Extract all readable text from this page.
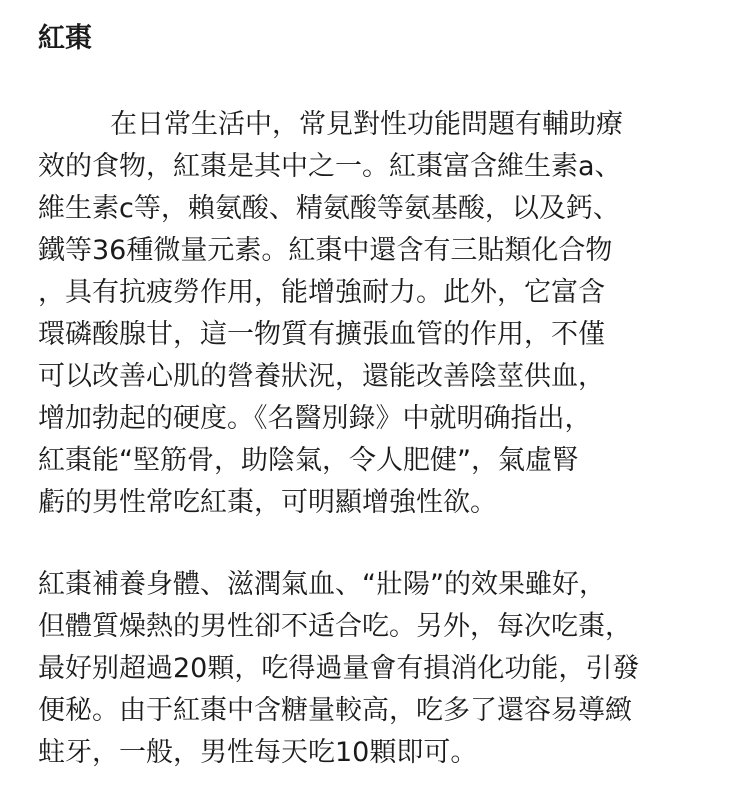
紅棗

在日常生活中，常見對性功能問題有輔助療
效的食物，紅棗是其中之一。紅棗富含維生素a、
維生素c等，賴氨酸、精氨酸等氨基酸，以及鈣、
鐵等36種微量元素。紅棗中還含有三貼類化合物
，具有抗疲勞作用，能增強耐力。此外，它富含
環磷酸腺甘，這一物質有擴張血管的作用，不僅
可以改善心肌的營養狀況，還能改善陰莖供血，
增加勃起的硬度。《名醫別錄》中就明确指出，
紅棗能“堅筋骨，助陰氣，令人肥健”，氣虛腎
虧的男性常吃紅棗，可明顯增強性欲。

紅棗補養身體、滋潤氣血、“壯陽”的效果雖好，
但體質燥熱的男性卻不适合吃。另外，每次吃棗，
最好别超過20顆，吃得過量會有損消化功能，引發
便秘。由于紅棗中含糖量較高，吃多了還容易導緻
蛀牙，一般，男性每天吃10顆即可。
